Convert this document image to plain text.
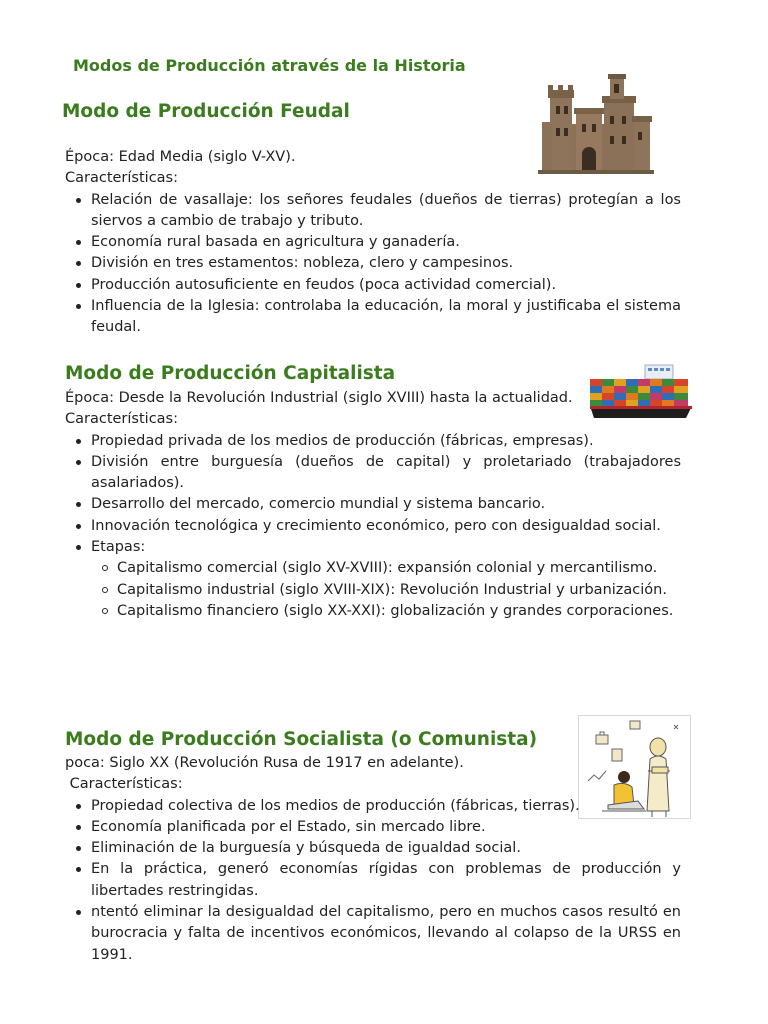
Modos de Producción através de la Historia
Modo de Producción Feudal

Época: Edad Media (siglo V-XV).

Características:

Relación de vasallaje: los señores feudales (dueños de tierras) protegían a los siervos a cambio de trabajo y tributo.
Economía rural basada en agricultura y ganadería.
División en tres estamentos: nobleza, clero y campesinos.
Producción autosuficiente en feudos (poca actividad comercial).
Influencia de la Iglesia: controlaba la educación, la moral y justificaba el sistema feudal.
Modo de Producción Capitalista

Época: Desde la Revolución Industrial (siglo XVIII) hasta la actualidad.

Características:

Propiedad privada de los medios de producción (fábricas, empresas).
División entre burguesía (dueños de capital) y proletariado (trabajadores asalariados).
Desarrollo del mercado, comercio mundial y sistema bancario.
Innovación tecnológica y crecimiento económico, pero con desigualdad social.
Etapas:
Capitalismo comercial (siglo XV-XVIII): expansión colonial y mercantilismo.
Capitalismo industrial (siglo XVIII-XIX): Revolución Industrial y urbanización.
Capitalismo financiero (siglo XX-XXI): globalización y grandes corporaciones.
Modo de Producción Socialista (o Comunista)

poca: Siglo XX (Revolución Rusa de 1917 en adelante).

Características:

Propiedad colectiva de los medios de producción (fábricas, tierras).
Economía planificada por el Estado, sin mercado libre.
Eliminación de la burguesía y búsqueda de igualdad social.
En la práctica, generó economías rígidas con problemas de producción y libertades restringidas.
ntentó eliminar la desigualdad del capitalismo, pero en muchos casos resultó en burocracia y falta de incentivos económicos, llevando al colapso de la URSS en 1991.
